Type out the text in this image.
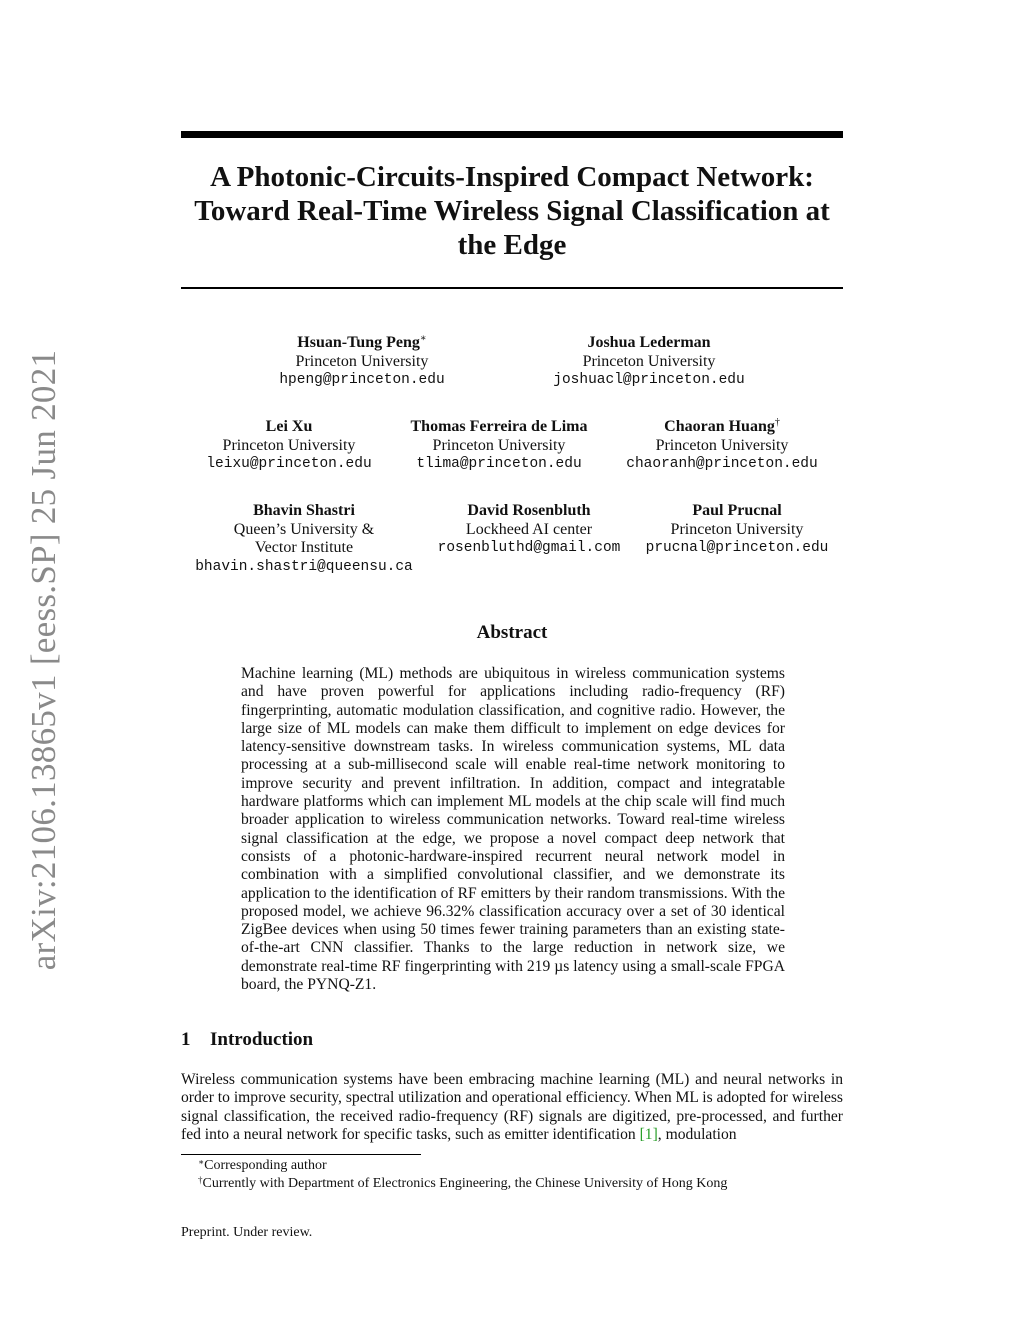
arXiv:2106.13865v1 [eess.SP] 25 Jun 2021
A Photonic-Circuits-Inspired Compact Network:
Toward Real-Time Wireless Signal Classification at
the Edge
Hsuan-Tung Peng∗
Princeton University
hpeng@princeton.edu
Joshua Lederman
Princeton University
joshuacl@princeton.edu
Lei Xu
Princeton University
leixu@princeton.edu
Thomas Ferreira de Lima
Princeton University
tlima@princeton.edu
Chaoran Huang†
Princeton University
chaoranh@princeton.edu
Bhavin Shastri
Queen’s University &
Vector Institute
bhavin.shastri@queensu.ca
David Rosenbluth
Lockheed AI center
rosenbluthd@gmail.com
Paul Prucnal
Princeton University
prucnal@princeton.edu
Abstract
Machine learning (ML) methods are ubiquitous in wireless communication systems and have proven powerful for applications including radio-frequency (RF) fingerprinting, automatic modulation classification, and cognitive radio. However, the large size of ML models can make them difficult to implement on edge devices for latency-sensitive downstream tasks. In wireless communication systems, ML data processing at a sub-millisecond scale will enable real-time network monitoring to improve security and prevent infiltration. In addition, compact and integratable hardware platforms which can implement ML models at the chip scale will find much broader application to wireless communication networks. Toward real-time wireless signal classification at the edge, we propose a novel compact deep network that consists of a photonic-hardware-inspired recurrent neural network model in combination with a simplified convolutional classifier, and we demonstrate its application to the identification of RF emitters by their random transmissions. With the proposed model, we achieve 96.32% classification accuracy over a set of 30 identical ZigBee devices when using 50 times fewer training parameters than an existing state-of-the-art CNN classifier. Thanks to the large reduction in network size, we demonstrate real-time RF fingerprinting with 219 µs latency using a small-scale FPGA board, the PYNQ-Z1.
1 Introduction
Wireless communication systems have been embracing machine learning (ML) and neural networks in order to improve security, spectral utilization and operational efficiency. When ML is adopted for wireless signal classification, the received radio-frequency (RF) signals are digitized, pre-processed, and further fed into a neural network for specific tasks, such as emitter identification [ 1 ] , modulation
∗Corresponding author
†Currently with Department of Electronics Engineering, the Chinese University of Hong Kong
Preprint. Under review.
